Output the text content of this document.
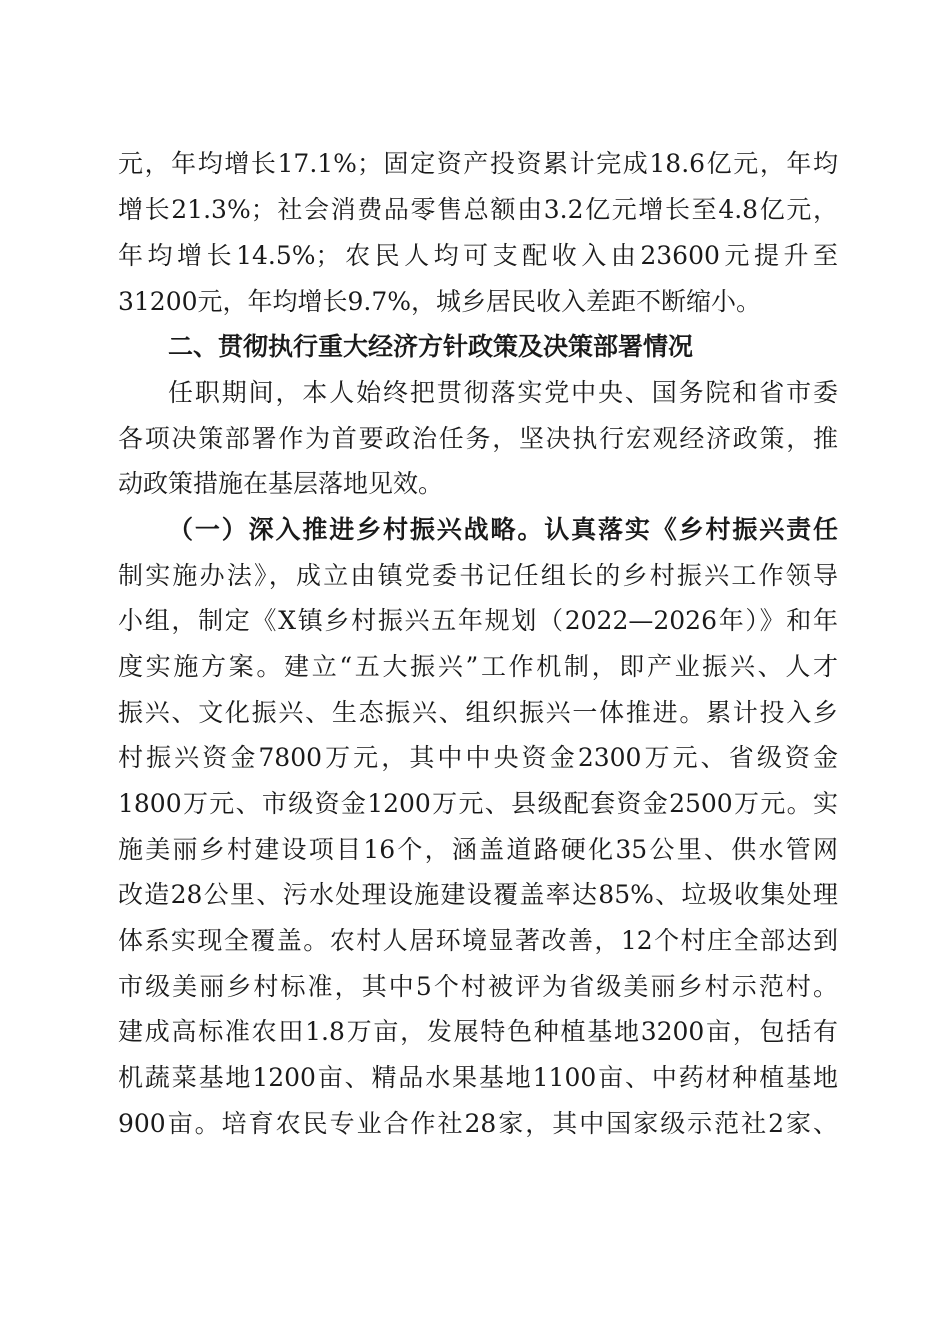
元，年均增长17.1%；固定资产投资累计完成18.6亿元，年均
增长21.3%；社会消费品零售总额由3.2亿元增长至4.8亿元，
年均增长14.5%；农民人均可支配收入由23600元提升至
31200元，年均增长9.7%，城乡居民收入差距不断缩小。
二、贯彻执行重大经济方针政策及决策部署情况
任职期间，本人始终把贯彻落实党中央、国务院和省市委
各项决策部署作为首要政治任务，坚决执行宏观经济政策，推
动政策措施在基层落地见效。
（一）深入推进乡村振兴战略。认真落实《乡村振兴责任
制实施办法》，成立由镇党委书记任组长的乡村振兴工作领导
小组，制定《X镇乡村振兴五年规划（2022—2026年）》和年
度实施方案。建立“五大振兴”工作机制，即产业振兴、人才
振兴、文化振兴、生态振兴、组织振兴一体推进。累计投入乡
村振兴资金7800万元，其中中央资金2300万元、省级资金
1800万元、市级资金1200万元、县级配套资金2500万元。实
施美丽乡村建设项目16个，涵盖道路硬化35公里、供水管网
改造28公里、污水处理设施建设覆盖率达85%、垃圾收集处理
体系实现全覆盖。农村人居环境显著改善，12个村庄全部达到
市级美丽乡村标准，其中5个村被评为省级美丽乡村示范村。
建成高标准农田1.8万亩，发展特色种植基地3200亩，包括有
机蔬菜基地1200亩、精品水果基地1100亩、中药材种植基地
900亩。培育农民专业合作社28家，其中国家级示范社2家、
